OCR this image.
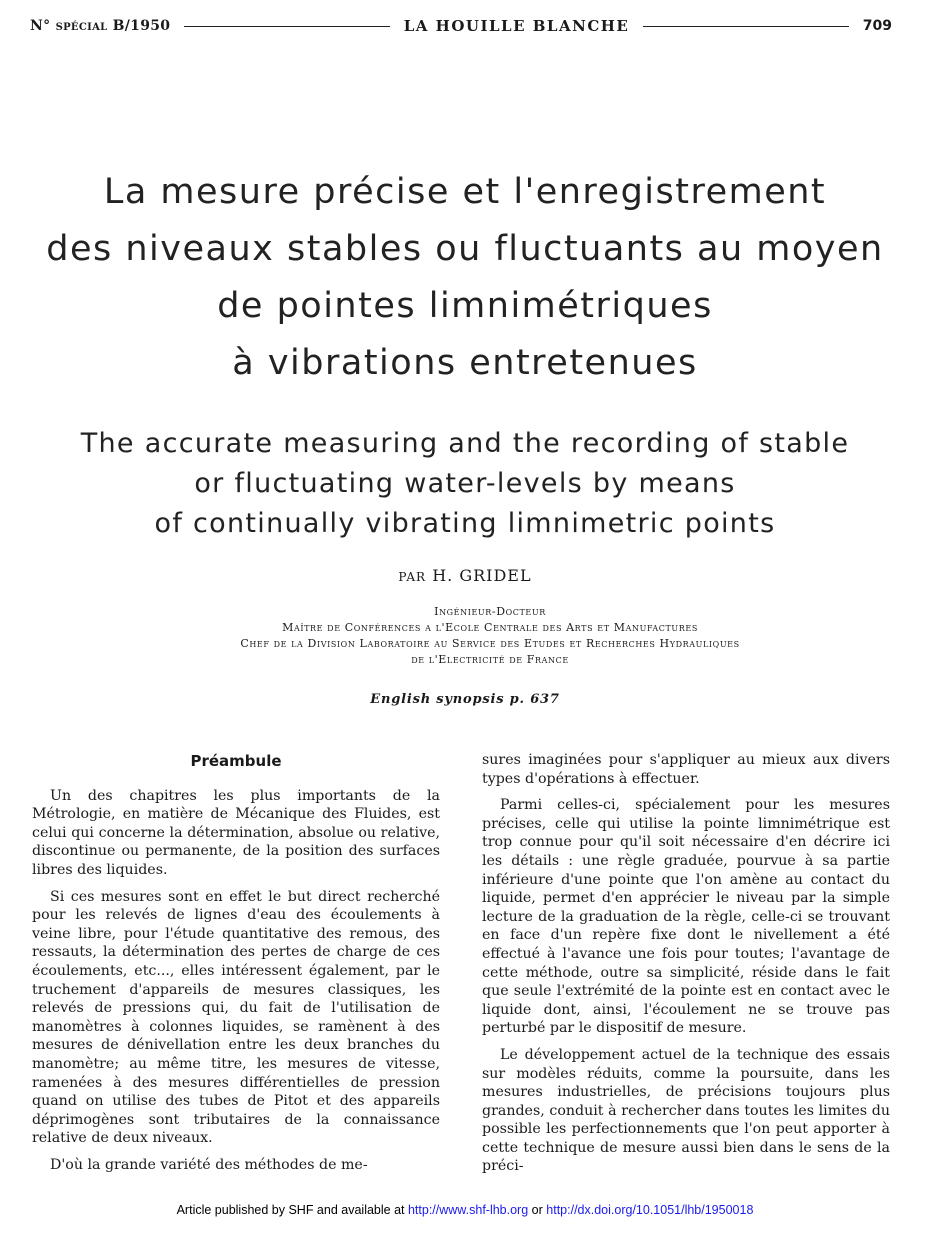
N° spécial B/1950	LA HOUILLE BLANCHE	709
La mesure précise et l'enregistrement
des niveaux stables ou fluctuants au moyen
de pointes limnimétriques
à vibrations entretenues
The accurate measuring and the recording of stable
or fluctuating water-levels by means
of continually vibrating limnimetric points
PAR H. GRIDEL
Ingénieur-Docteur
Maître de Conférences a l'Ecole Centrale des Arts et Manufactures
Chef de la Division Laboratoire au Service des Etudes et Recherches Hydrauliques
de l'Electricité de France
English synopsis p. 637
Préambule

Un des chapitres les plus importants de la Métrologie, en matière de Mécanique des Fluides, est celui qui concerne la détermination, absolue ou relative, discontinue ou permanente, de la position des surfaces libres des liquides.

Si ces mesures sont en effet le but direct recherché pour les relevés de lignes d'eau des écoulements à veine libre, pour l'étude quantitative des remous, des ressauts, la détermination des pertes de charge de ces écoulements, etc..., elles intéressent également, par le truchement d'appareils de mesures classiques, les relevés de pressions qui, du fait de l'utilisation de manomètres à colonnes liquides, se ramènent à des mesures de dénivellation entre les deux branches du manomètre; au même titre, les mesures de vitesse, ramenées à des mesures différentielles de pression quand on utilise des tubes de Pitot et des appareils déprimogènes sont tributaires de la connaissance relative de deux niveaux.

D'où la grande variété des méthodes de me-

sures imaginées pour s'appliquer au mieux aux divers types d'opérations à effectuer.

Parmi celles-ci, spécialement pour les mesures précises, celle qui utilise la pointe limnimétrique est trop connue pour qu'il soit nécessaire d'en décrire ici les détails : une règle graduée, pourvue à sa partie inférieure d'une pointe que l'on amène au contact du liquide, permet d'en apprécier le niveau par la simple lecture de la graduation de la règle, celle-ci se trouvant en face d'un repère fixe dont le nivellement a été effectué à l'avance une fois pour toutes; l'avantage de cette méthode, outre sa simplicité, réside dans le fait que seule l'extrémité de la pointe est en contact avec le liquide dont, ainsi, l'écoulement ne se trouve pas perturbé par le dispositif de mesure.

Le développement actuel de la technique des essais sur modèles réduits, comme la poursuite, dans les mesures industrielles, de précisions toujours plus grandes, conduit à rechercher dans toutes les limites du possible les perfectionnements que l'on peut apporter à cette technique de mesure aussi bien dans le sens de la préci-

Article published by SHF and available at http://www.shf-lhb.org or http://dx.doi.org/10.1051/lhb/1950018
